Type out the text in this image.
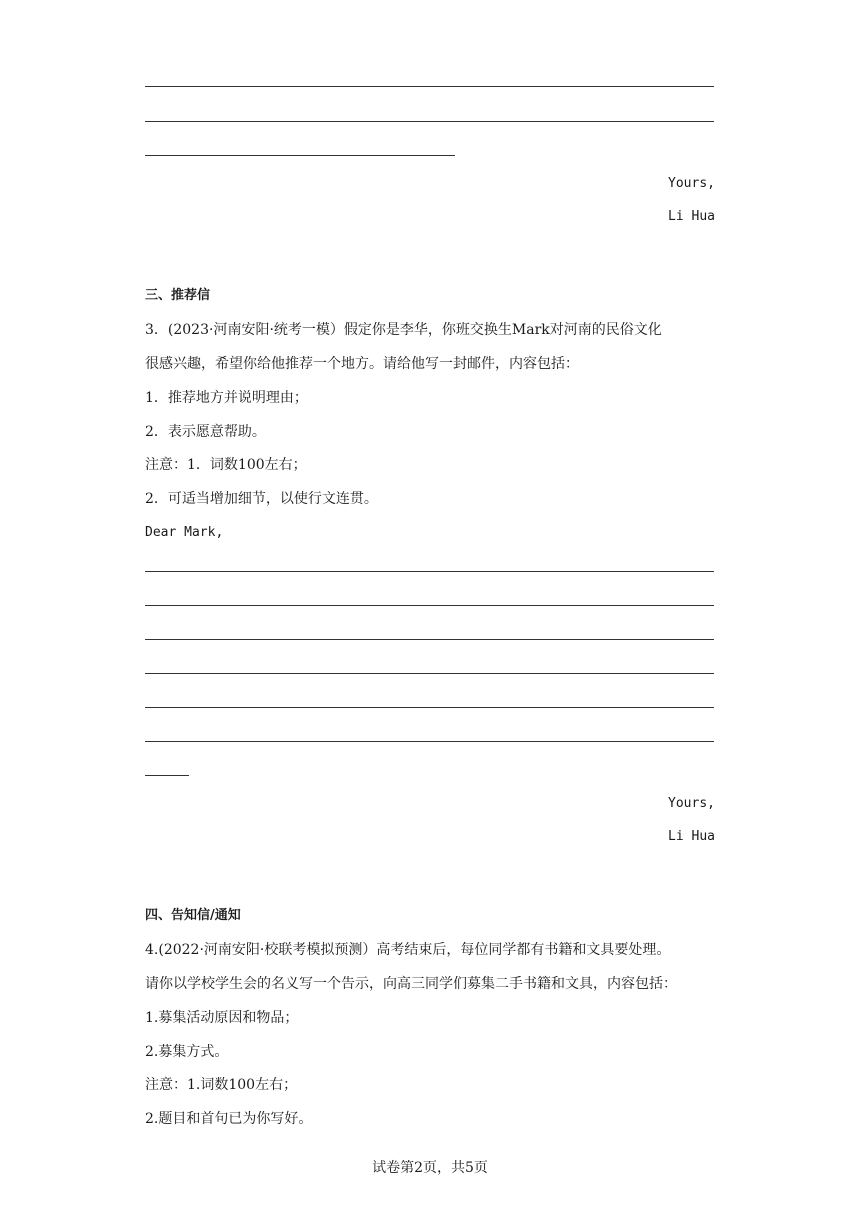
Yours,
Li Hua
三、推荐信
3．(2023·河南安阳·统考一模）假定你是李华，你班交换生Mark对河南的民俗文化
很感兴趣，希望你给他推荐一个地方。请给他写一封邮件，内容包括：
1．推荐地方并说明理由；
2．表示愿意帮助。
注意：1．词数100左右；
2．可适当增加细节，以使行文连贯。
Dear Mark,
Yours,
Li Hua
四、告知信/通知
4.(2022·河南安阳·校联考模拟预测）高考结束后，每位同学都有书籍和文具要处理。
请你以学校学生会的名义写一个告示，向高三同学们募集二手书籍和文具，内容包括：
1.募集活动原因和物品；
2.募集方式。
注意：1.词数100左右；
2.题目和首句已为你写好。
试卷第2页，共5页
